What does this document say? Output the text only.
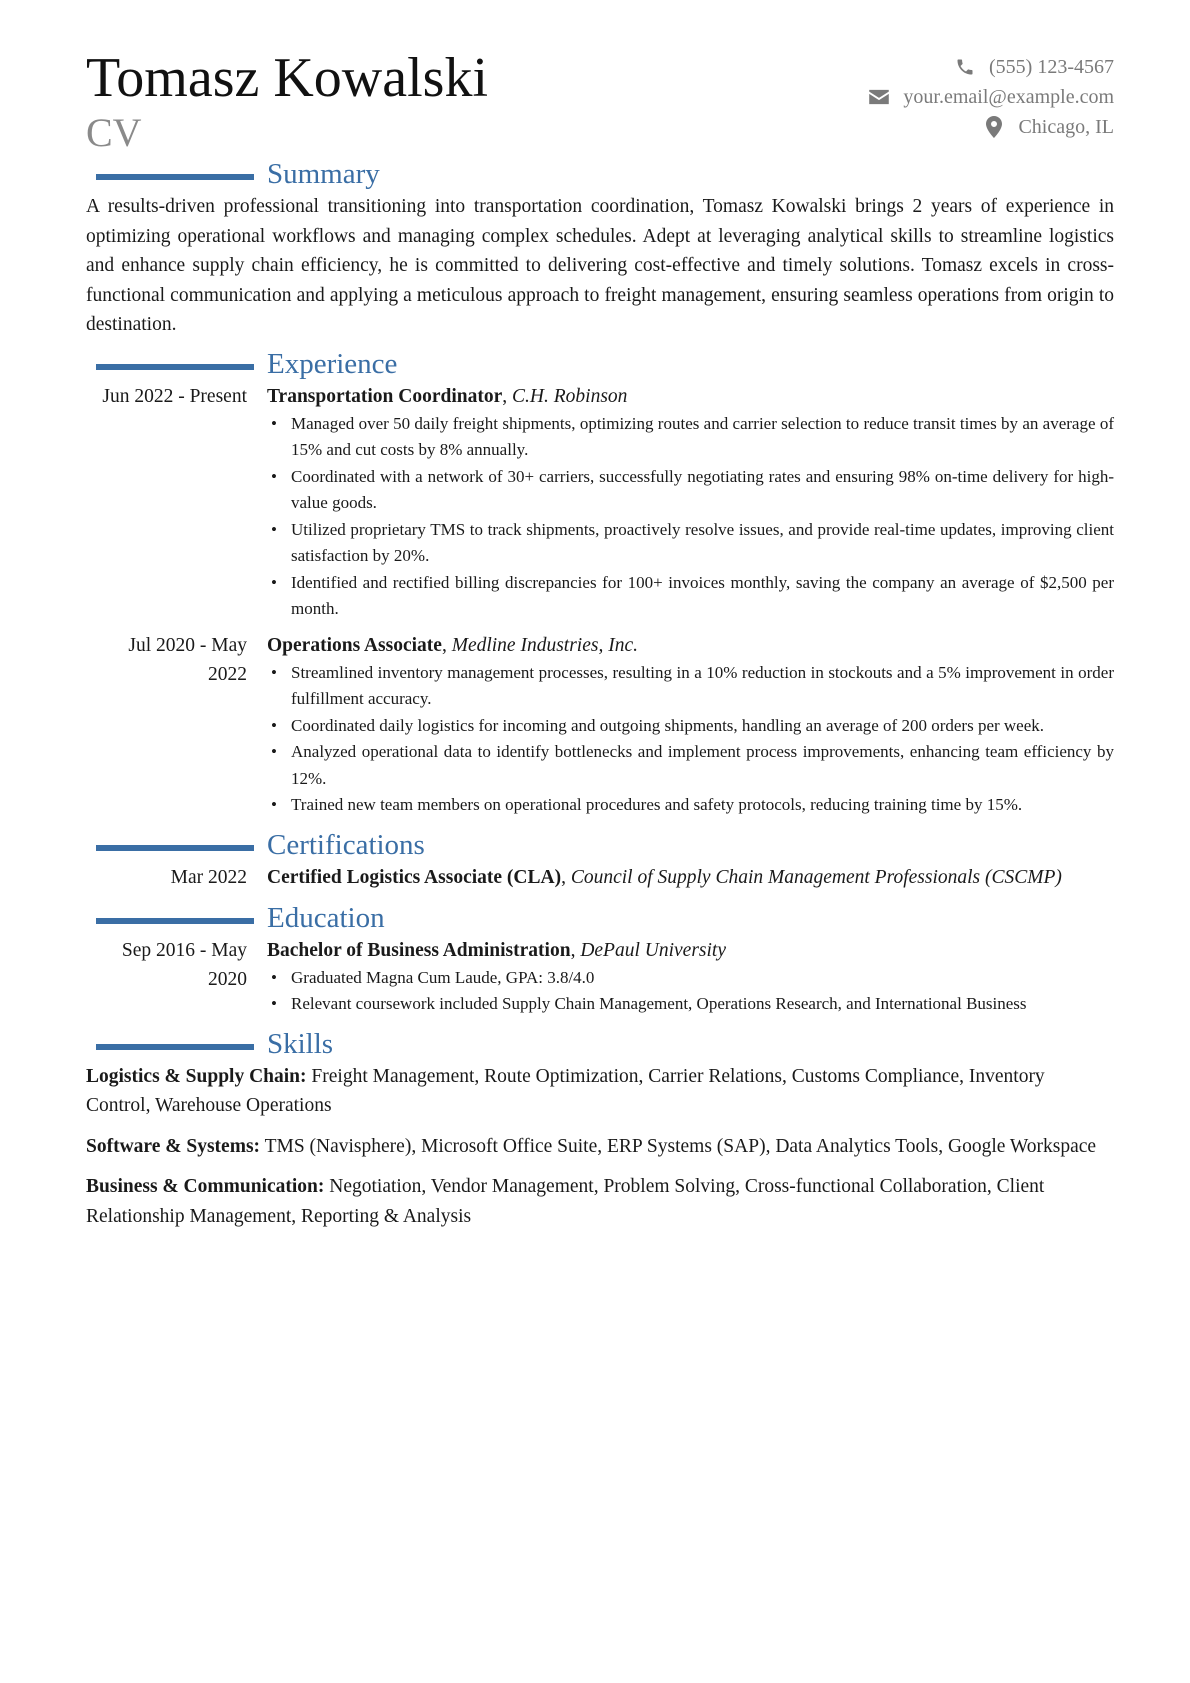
Tomasz Kowalski
CV
(555) 123-4567
your.email@example.com
Chicago, IL
Summary

A results-driven professional transitioning into transportation coordination, Tomasz Kowalski brings 2 years of experience in optimizing operational workflows and managing complex schedules. Adept at leveraging analytical skills to streamline logistics and enhance supply chain efficiency, he is committed to delivering cost-effective and timely solutions. Tomasz excels in cross-functional communication and applying a meticulous approach to freight management, ensuring seamless operations from origin to destination.

Experience
Jun 2022 - Present	Transportation Coordinator, C.H. Robinson
• Managed over 50 daily freight shipments, optimizing routes and carrier selection to reduce transit times by an average of 15% and cut costs by 8% annually.
• Coordinated with a network of 30+ carriers, successfully negotiating rates and ensuring 98% on-time delivery for high-value goods.
• Utilized proprietary TMS to track shipments, proactively resolve issues, and provide real-time updates, improving client satisfaction by 20%.
• Identified and rectified billing discrepancies for 100+ invoices monthly, saving the company an average of $2,500 per month.
Jul 2020 - May 2022
Operations Associate, Medline Industries, Inc.
• Streamlined inventory management processes, resulting in a 10% reduction in stockouts and a 5% improvement in order fulfillment accuracy.
• Coordinated daily logistics for incoming and outgoing shipments, handling an average of 200 orders per week.
• Analyzed operational data to identify bottlenecks and implement process improvements, enhancing team efficiency by 12%.
• Trained new team members on operational procedures and safety protocols, reducing training time by 15%.
Certifications
Mar 2022	Certified Logistics Associate (CLA), Council of Supply Chain Management Professionals (CSCMP)
Education
Sep 2016 - May 2020
Bachelor of Business Administration, DePaul University
• Graduated Magna Cum Laude, GPA: 3.8/4.0
• Relevant coursework included Supply Chain Management, Operations Research, and International Business
Skills

Logistics & Supply Chain: Freight Management, Route Optimization, Carrier Relations, Customs Compliance, Inventory Control, Warehouse Operations

Software & Systems: TMS (Navisphere), Microsoft Office Suite, ERP Systems (SAP), Data Analytics Tools, Google Workspace

Business & Communication: Negotiation, Vendor Management, Problem Solving, Cross-functional Collaboration, Client Relationship Management, Reporting & Analysis
